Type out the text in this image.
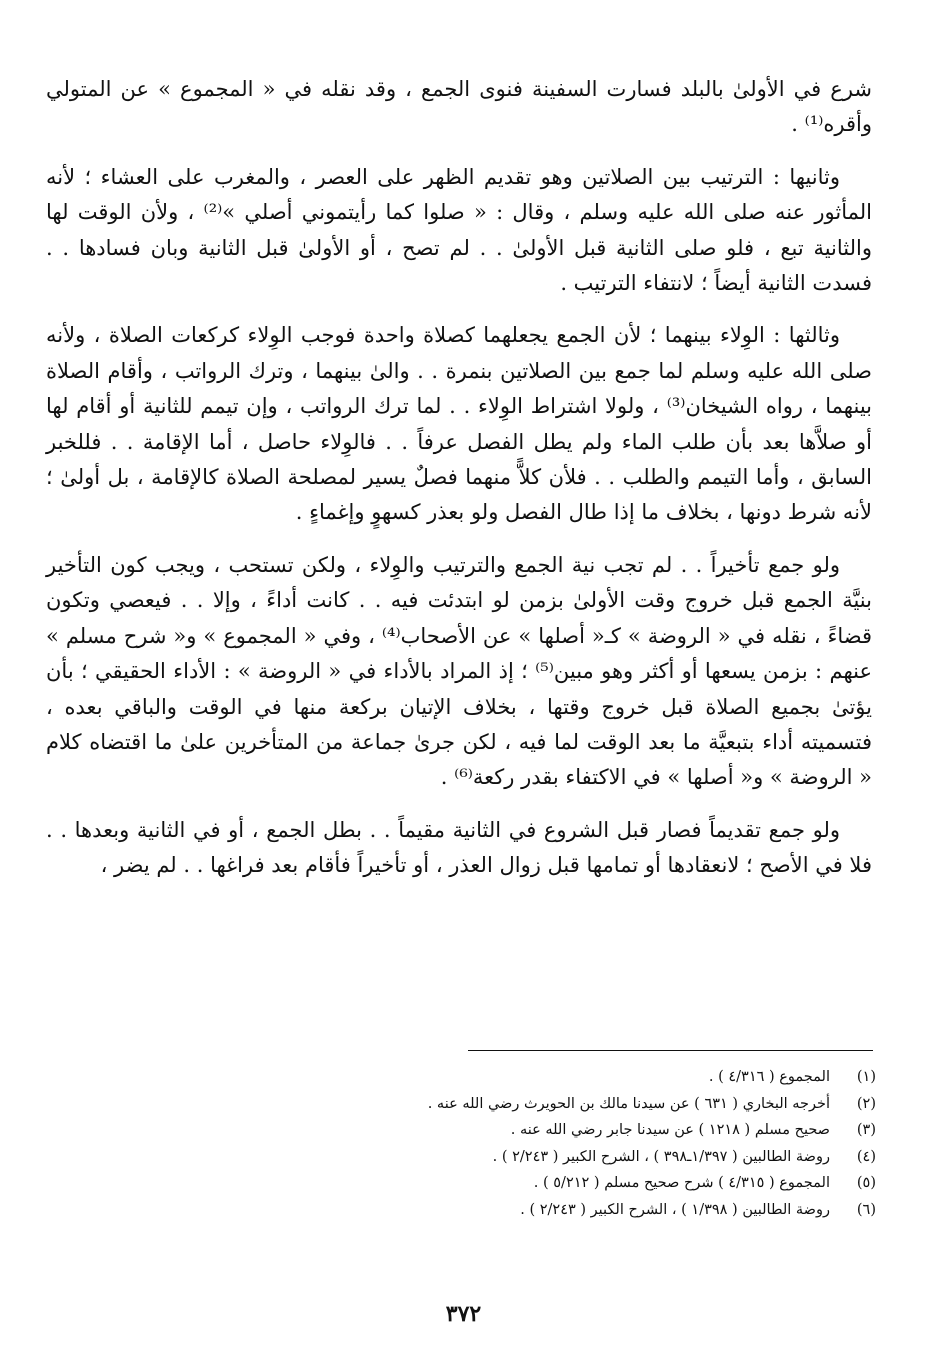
شرع في الأولىٰ بالبلد فسارت السفينة فنوى الجمع ، وقد نقله في « المجموع » عن المتولي وأقره⁽¹⁾ .

وثانيها : الترتيب بين الصلاتين وهو تقديم الظهر على العصر ، والمغرب على العشاء ؛ لأنه المأثور عنه صلى الله عليه وسلم ، وقال : « صلوا كما رأيتموني أصلي »⁽²⁾ ، ولأن الوقت لها والثانية تبع ، فلو صلى الثانية قبل الأولىٰ . . لم تصح ، أو الأولىٰ قبل الثانية وبان فسادها . . فسدت الثانية أيضاً ؛ لانتفاء الترتيب .

وثالثها : الوِلاء بينهما ؛ لأن الجمع يجعلهما كصلاة واحدة فوجب الوِلاء كركعات الصلاة ، ولأنه صلى الله عليه وسلم لما جمع بين الصلاتين بنمرة . . والىٰ بينهما ، وترك الرواتب ، وأقام الصلاة بينهما ، رواه الشيخان⁽³⁾ ، ولولا اشتراط الوِلاء . . لما ترك الرواتب ، وإن تيمم للثانية أو أقام لها أو صلاَّها بعد بأن طلب الماء ولم يطل الفصل عرفاً . . فالوِلاء حاصل ، أما الإقامة . . فللخبر السابق ، وأما التيمم والطلب . . فلأن كلاًّ منهما فصلٌ يسير لمصلحة الصلاة كالإقامة ، بل أولىٰ ؛ لأنه شرط دونها ، بخلاف ما إذا طال الفصل ولو بعذر كسهوٍ وإغماءٍ .

ولو جمع تأخيراً . . لم تجب نية الجمع والترتيب والوِلاء ، ولكن تستحب ، ويجب كون التأخير بنيَّة الجمع قبل خروج وقت الأولىٰ بزمن لو ابتدئت فيه . . كانت أداءً ، وإلا . . فيعصي وتكون قضاءً ، نقله في « الروضة » كـ« أصلها » عن الأصحاب⁽⁴⁾ ، وفي « المجموع » و« شرح مسلم » عنهم : بزمن يسعها أو أكثر وهو مبين⁽⁵⁾ ؛ إذ المراد بالأداء في « الروضة » : الأداء الحقيقي ؛ بأن يؤتىٰ بجميع الصلاة قبل خروج وقتها ، بخلاف الإتيان بركعة منها في الوقت والباقي بعده ، فتسميته أداء بتبعيَّة ما بعد الوقت لما فيه ، لكن جرىٰ جماعة من المتأخرين علىٰ ما اقتضاه كلام « الروضة » و« أصلها » في الاكتفاء بقدر ركعة⁽⁶⁾ .

ولو جمع تقديماً فصار قبل الشروع في الثانية مقيماً . . بطل الجمع ، أو في الثانية وبعدها . . فلا في الأصح ؛ لانعقادها أو تمامها قبل زوال العذر ، أو تأخيراً فأقام بعد فراغها . . لم يضر ،

(١)
المجموع ( ٤/٣١٦ ) .
(٢)
أخرجه البخاري ( ٦٣١ ) عن سيدنا مالك بن الحويرث رضي الله عنه .
(٣)
صحيح مسلم ( ١٢١٨ ) عن سيدنا جابر رضي الله عنه .
(٤)
روضة الطالبين ( ١/٣٩٧ـ٣٩٨ ) ، الشرح الكبير ( ٢/٢٤٣ ) .
(٥)
المجموع ( ٤/٣١٥ ) شرح صحيح مسلم ( ٥/٢١٢ ) .
(٦)
روضة الطالبين ( ١/٣٩٨ ) ، الشرح الكبير ( ٢/٢٤٣ ) .
٣٧٢
